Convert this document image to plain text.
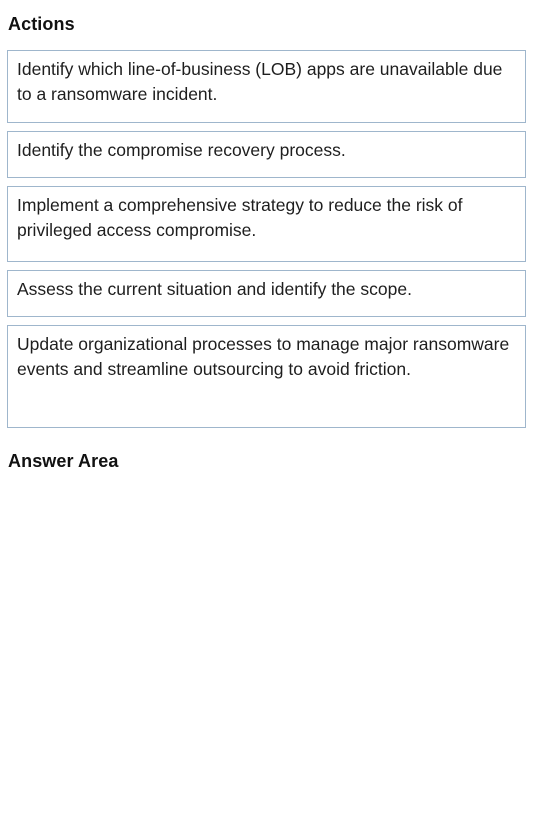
Actions
Identify which line-of-business (LOB) apps are unavailable due to a ransomware incident.
Identify the compromise recovery process.
Implement a comprehensive strategy to reduce the risk of privileged access compromise.
Assess the current situation and identify the scope.
Update organizational processes to manage major ransomware events and streamline outsourcing to avoid friction.
Answer Area
